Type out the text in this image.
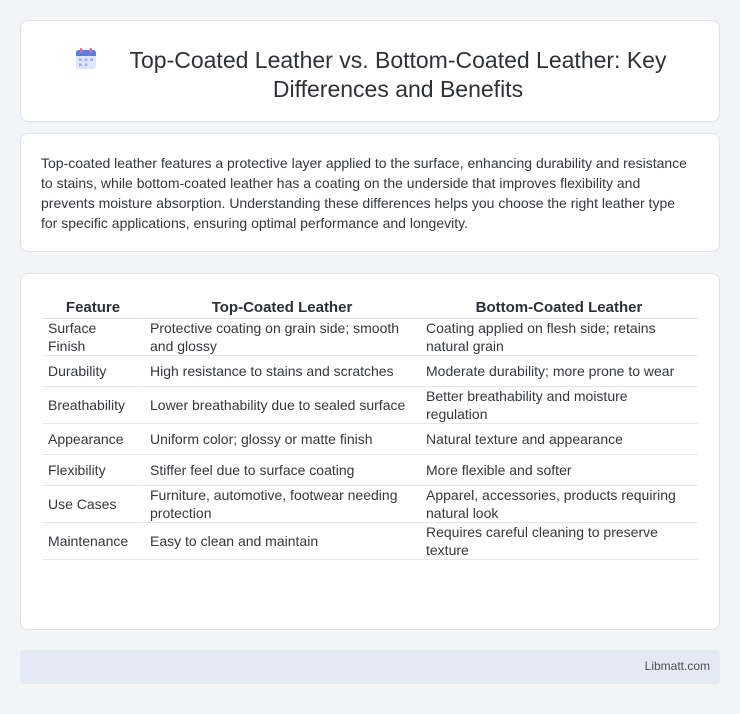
Top-Coated Leather vs. Bottom-Coated Leather: Key Differences and Benefits

Top-coated leather features a protective layer applied to the surface, enhancing durability and resistance to stains, while bottom-coated leather has a coating on the underside that improves flexibility and prevents moisture absorption. Understanding these differences helps you choose the right leather type for specific applications, ensuring optimal performance and longevity.

Feature	Top-Coated Leather	Bottom-Coated Leather
Surface Finish	Protective coating on grain side; smooth and glossy	Coating applied on flesh side; retains natural grain
Durability	High resistance to stains and scratches	Moderate durability; more prone to wear
Breathability	Lower breathability due to sealed surface	Better breathability and moisture regulation
Appearance	Uniform color; glossy or matte finish	Natural texture and appearance
Flexibility	Stiffer feel due to surface coating	More flexible and softer
Use Cases	Furniture, automotive, footwear needing protection	Apparel, accessories, products requiring natural look
Maintenance	Easy to clean and maintain	Requires careful cleaning to preserve texture
Libmatt.com
